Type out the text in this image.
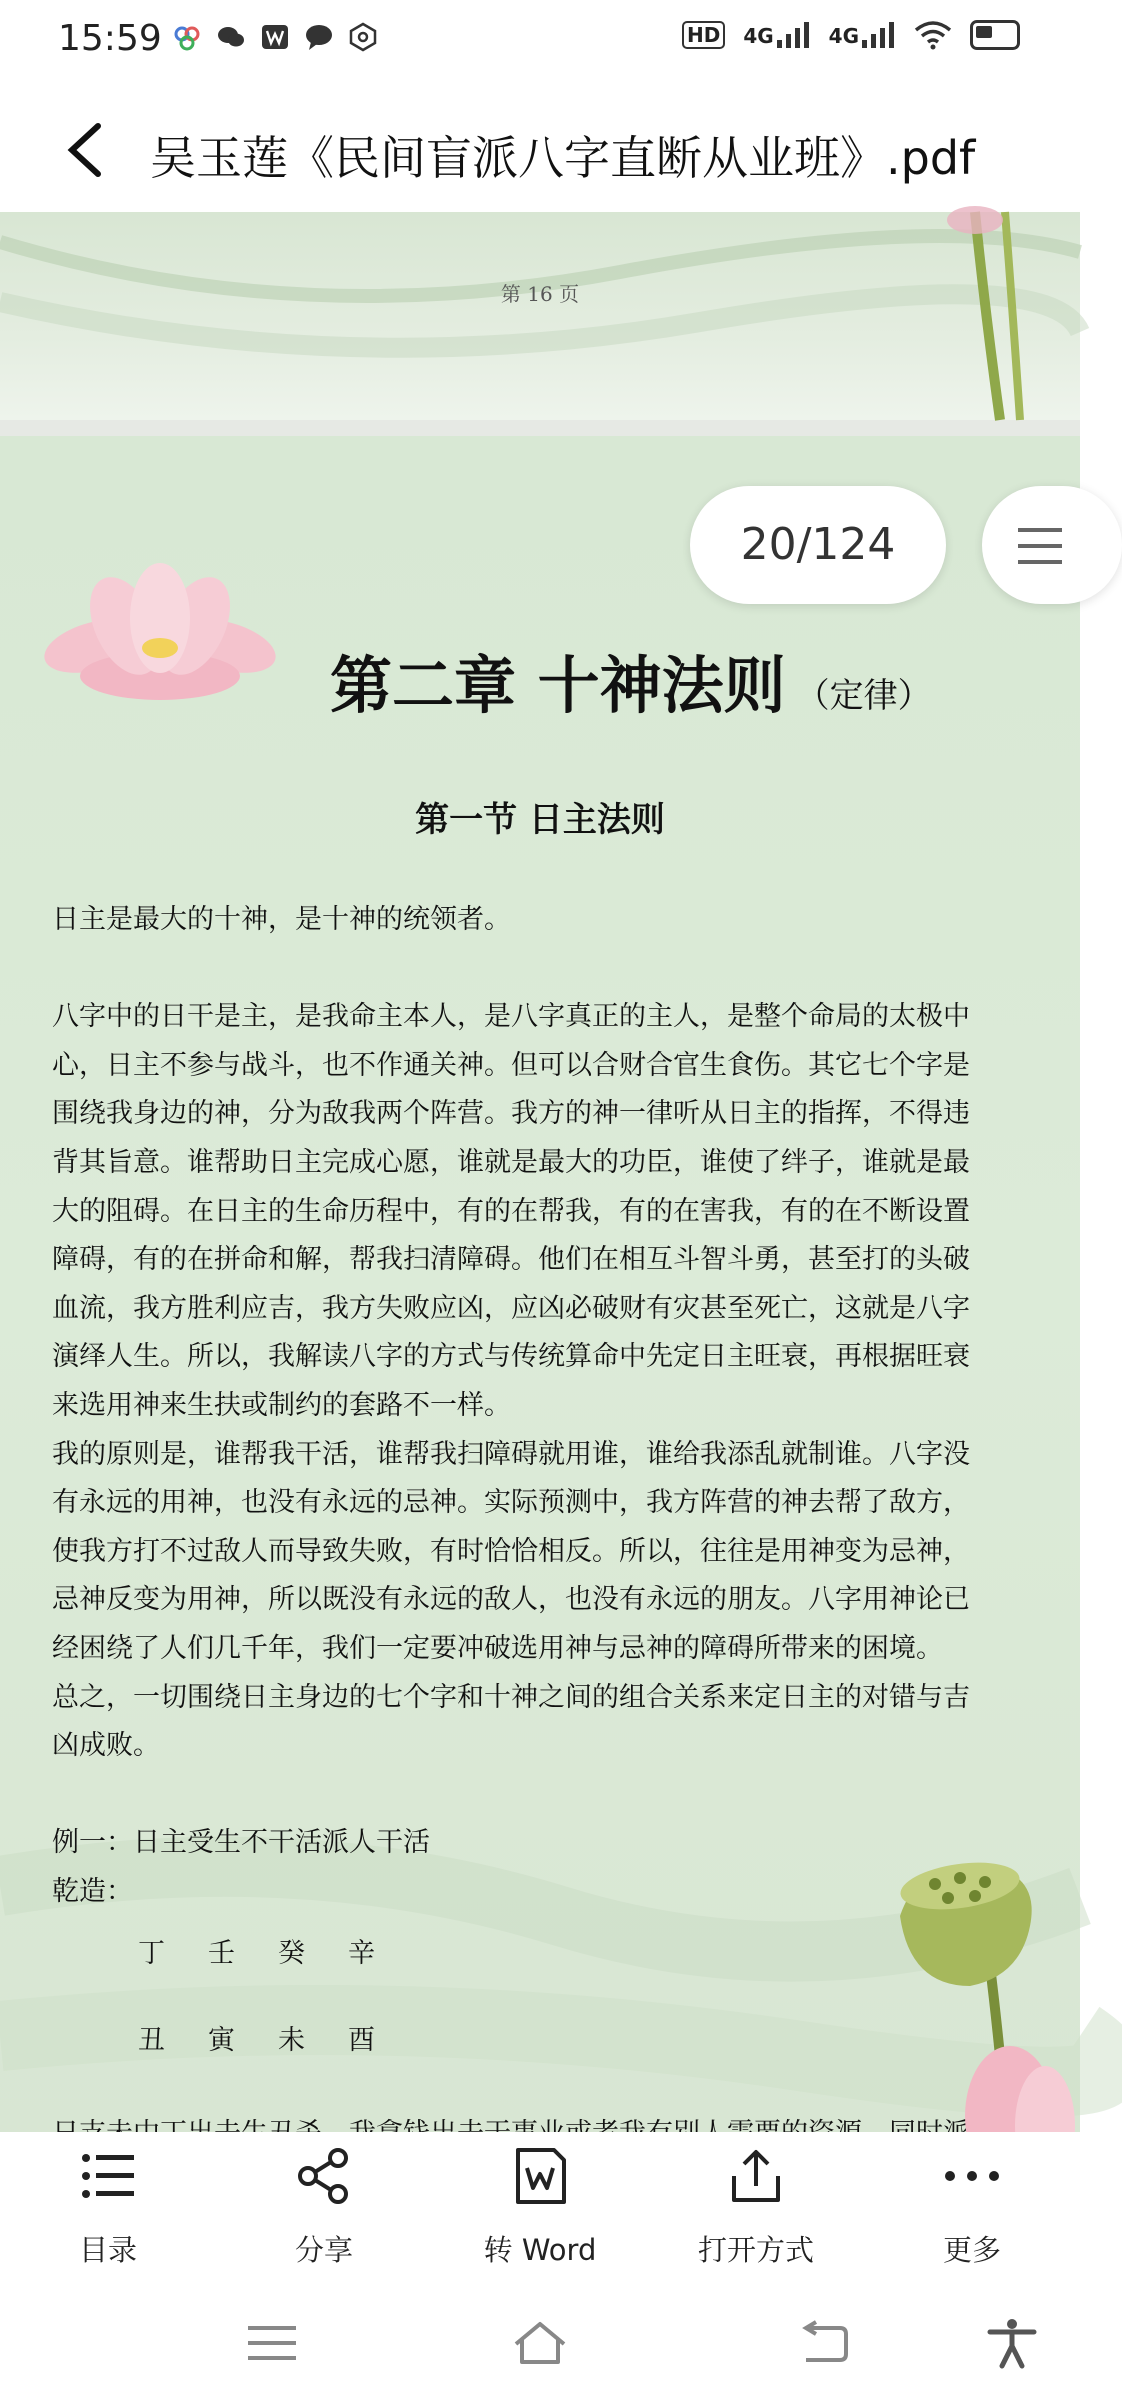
15:59	HD 4G	4G
吴玉莲《民间盲派八字直断从业班》.pdf
第 16 页
20/124
第二章 十神法则 （定律）
第一节 日主法则

日主是最大的十神，是十神的统领者。

八字中的日干是主，是我命主本人，是八字真正的主人，是整个命局的太极中

心，日主不参与战斗，也不作通关神。但可以合财合官生食伤。其它七个字是

围绕我身边的神，分为敌我两个阵营。我方的神一律听从日主的指挥，不得违

背其旨意。谁帮助日主完成心愿，谁就是最大的功臣，谁使了绊子，谁就是最

大的阻碍。在日主的生命历程中，有的在帮我，有的在害我，有的在不断设置

障碍，有的在拼命和解，帮我扫清障碍。他们在相互斗智斗勇，甚至打的头破

血流，我方胜利应吉，我方失败应凶，应凶必破财有灾甚至死亡，这就是八字

演绎人生。所以，我解读八字的方式与传统算命中先定日主旺衰，再根据旺衰

来选用神来生扶或制约的套路不一样。

我的原则是，谁帮我干活，谁帮我扫障碍就用谁，谁给我添乱就制谁。八字没

有永远的用神，也没有永远的忌神。实际预测中，我方阵营的神去帮了敌方，

使我方打不过敌人而导致失败，有时恰恰相反。所以，往往是用神变为忌神，

忌神反变为用神，所以既没有永远的敌人，也没有永远的朋友。八字用神论已

经困绕了人们几千年，我们一定要冲破选用神与忌神的障碍所带来的困境。

总之，一切围绕日主身边的七个字和十神之间的组合关系来定日主的对错与吉

凶成败。

例一：日主受生不干活派人干活

乾造：

丁 壬 癸 辛

丑 寅 未 酉

目录	分享	转 Word	打开方式	更多
